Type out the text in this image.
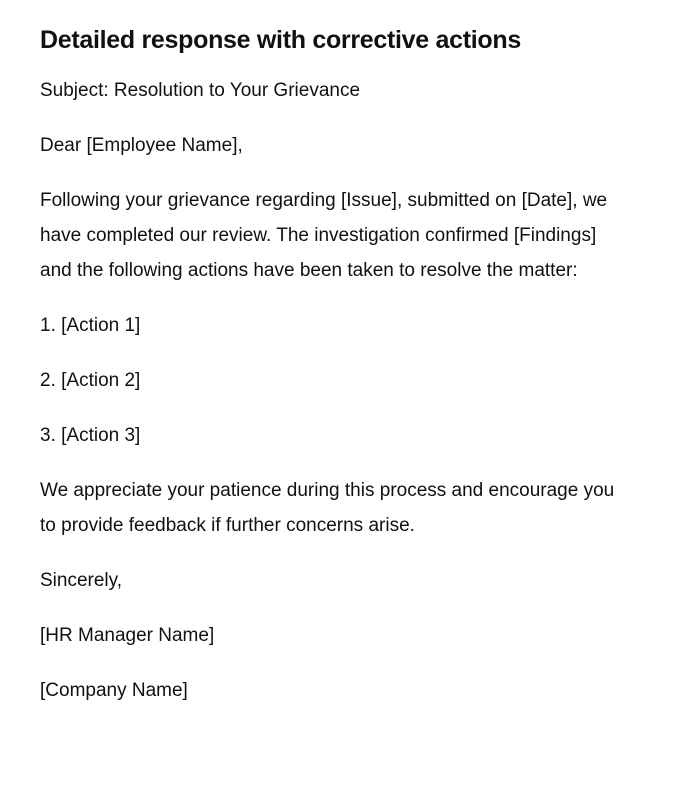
Detailed response with corrective actions

Subject: Resolution to Your Grievance

Dear [Employee Name],

Following your grievance regarding [Issue], submitted on [Date], we have completed our review. The investigation confirmed [Findings] and the following actions have been taken to resolve the matter:

1. [Action 1]

2. [Action 2]

3. [Action 3]

We appreciate your patience during this process and encourage you to provide feedback if further concerns arise.

Sincerely,

[HR Manager Name]

[Company Name]
